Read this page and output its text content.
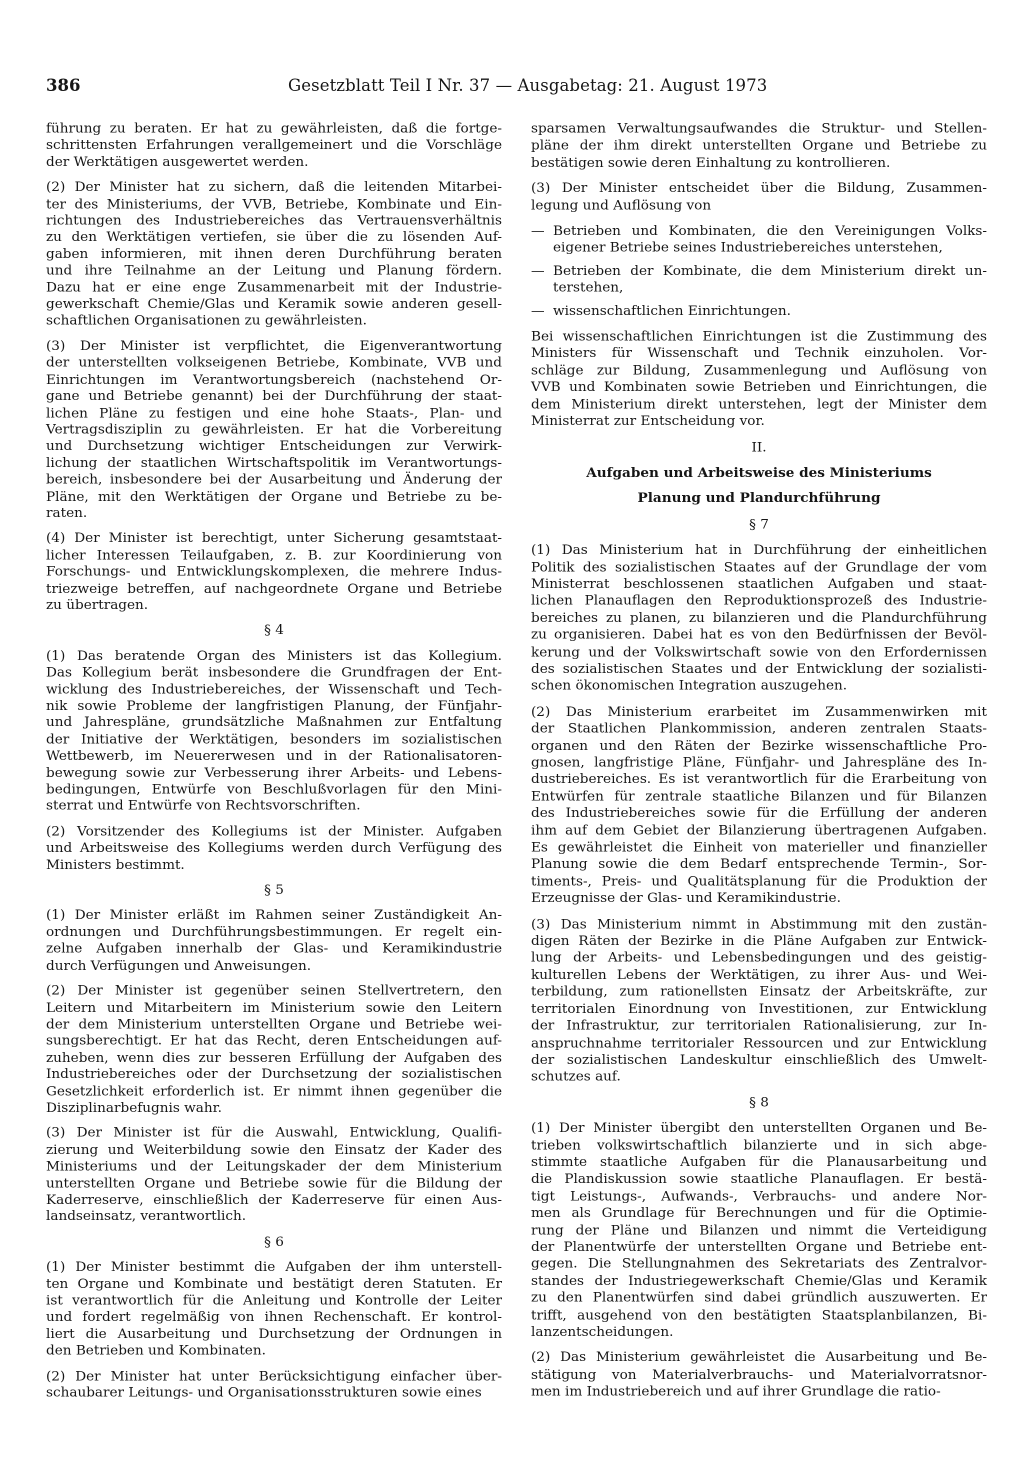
386	Gesetzblatt Teil I Nr. 37 — Ausgabetag: 21. August 1973

führung zu beraten. Er hat zu gewährleisten, daß die fortge-
schrittensten Erfahrungen verallgemeinert und die Vorschläge
der Werktätigen ausgewertet werden.

(2) Der Minister hat zu sichern, daß die leitenden Mitarbei-
ter des Ministeriums, der VVB, Betriebe, Kombinate und Ein-
richtungen des Industriebereiches das Vertrauensverhältnis
zu den Werktätigen vertiefen, sie über die zu lösenden Auf-
gaben informieren, mit ihnen deren Durchführung beraten
und ihre Teilnahme an der Leitung und Planung fördern.
Dazu hat er eine enge Zusammenarbeit mit der Industrie-
gewerkschaft Chemie/Glas und Keramik sowie anderen gesell-
schaftlichen Organisationen zu gewährleisten.

(3) Der Minister ist verpflichtet, die Eigenverantwortung
der unterstellten volkseigenen Betriebe, Kombinate, VVB und
Einrichtungen im Verantwortungsbereich (nachstehend Or-
gane und Betriebe genannt) bei der Durchführung der staat-
lichen Pläne zu festigen und eine hohe Staats-, Plan- und
Vertragsdisziplin zu gewährleisten. Er hat die Vorbereitung
und Durchsetzung wichtiger Entscheidungen zur Verwirk-
lichung der staatlichen Wirtschaftspolitik im Verantwortungs-
bereich, insbesondere bei der Ausarbeitung und Änderung der
Pläne, mit den Werktätigen der Organe und Betriebe zu be-
raten.

(4) Der Minister ist berechtigt, unter Sicherung gesamtstaat-
licher Interessen Teilaufgaben, z. B. zur Koordinierung von
Forschungs- und Entwicklungskomplexen, die mehrere Indus-
triezweige betreffen, auf nachgeordnete Organe und Betriebe
zu übertragen.

§ 4

(1) Das beratende Organ des Ministers ist das Kollegium.
Das Kollegium berät insbesondere die Grundfragen der Ent-
wicklung des Industriebereiches, der Wissenschaft und Tech-
nik sowie Probleme der langfristigen Planung, der Fünfjahr-
und Jahrespläne, grundsätzliche Maßnahmen zur Entfaltung
der Initiative der Werktätigen, besonders im sozialistischen
Wettbewerb, im Neuererwesen und in der Rationalisatoren-
bewegung sowie zur Verbesserung ihrer Arbeits- und Lebens-
bedingungen, Entwürfe von Beschlußvorlagen für den Mini-
sterrat und Entwürfe von Rechtsvorschriften.

(2) Vorsitzender des Kollegiums ist der Minister. Aufgaben
und Arbeitsweise des Kollegiums werden durch Verfügung des
Ministers bestimmt.

§ 5

(1) Der Minister erläßt im Rahmen seiner Zuständigkeit An-
ordnungen und Durchführungsbestimmungen. Er regelt ein-
zelne Aufgaben innerhalb der Glas- und Keramikindustrie
durch Verfügungen und Anweisungen.

(2) Der Minister ist gegenüber seinen Stellvertretern, den
Leitern und Mitarbeitern im Ministerium sowie den Leitern
der dem Ministerium unterstellten Organe und Betriebe wei-
sungsberechtigt. Er hat das Recht, deren Entscheidungen auf-
zuheben, wenn dies zur besseren Erfüllung der Aufgaben des
Industriebereiches oder der Durchsetzung der sozialistischen
Gesetzlichkeit erforderlich ist. Er nimmt ihnen gegenüber die
Disziplinarbefugnis wahr.

(3) Der Minister ist für die Auswahl, Entwicklung, Qualifi-
zierung und Weiterbildung sowie den Einsatz der Kader des
Ministeriums und der Leitungskader der dem Ministerium
unterstellten Organe und Betriebe sowie für die Bildung der
Kaderreserve, einschließlich der Kaderreserve für einen Aus-
landseinsatz, verantwortlich.

§ 6

(1) Der Minister bestimmt die Aufgaben der ihm unterstell-
ten Organe und Kombinate und bestätigt deren Statuten. Er
ist verantwortlich für die Anleitung und Kontrolle der Leiter
und fordert regelmäßig von ihnen Rechenschaft. Er kontrol-
liert die Ausarbeitung und Durchsetzung der Ordnungen in
den Betrieben und Kombinaten.

(2) Der Minister hat unter Berücksichtigung einfacher über-
schaubarer Leitungs- und Organisationsstrukturen sowie eines

sparsamen Verwaltungsaufwandes die Struktur- und Stellen-
pläne der ihm direkt unterstellten Organe und Betriebe zu
bestätigen sowie deren Einhaltung zu kontrollieren.

(3) Der Minister entscheidet über die Bildung, Zusammen-
legung und Auflösung von

— Betrieben und Kombinaten, die den Vereinigungen Volks-
eigener Betriebe seines Industriebereiches unterstehen,
— Betrieben der Kombinate, die dem Ministerium direkt un-
terstehen,
— wissenschaftlichen Einrichtungen.

Bei wissenschaftlichen Einrichtungen ist die Zustimmung des
Ministers für Wissenschaft und Technik einzuholen. Vor-
schläge zur Bildung, Zusammenlegung und Auflösung von
VVB und Kombinaten sowie Betrieben und Einrichtungen, die
dem Ministerium direkt unterstehen, legt der Minister dem
Ministerrat zur Entscheidung vor.

II.
Aufgaben und Arbeitsweise des Ministeriums
Planung und Plandurchführung
§ 7

(1) Das Ministerium hat in Durchführung der einheitlichen
Politik des sozialistischen Staates auf der Grundlage der vom
Ministerrat beschlossenen staatlichen Aufgaben und staat-
lichen Planauflagen den Reproduktionsprozeß des Industrie-
bereiches zu planen, zu bilanzieren und die Plandurchführung
zu organisieren. Dabei hat es von den Bedürfnissen der Bevöl-
kerung und der Volkswirtschaft sowie von den Erfordernissen
des sozialistischen Staates und der Entwicklung der sozialisti-
schen ökonomischen Integration auszugehen.

(2) Das Ministerium erarbeitet im Zusammenwirken mit
der Staatlichen Plankommission, anderen zentralen Staats-
organen und den Räten der Bezirke wissenschaftliche Pro-
gnosen, langfristige Pläne, Fünfjahr- und Jahrespläne des In-
dustriebereiches. Es ist verantwortlich für die Erarbeitung von
Entwürfen für zentrale staatliche Bilanzen und für Bilanzen
des Industriebereiches sowie für die Erfüllung der anderen
ihm auf dem Gebiet der Bilanzierung übertragenen Aufgaben.
Es gewährleistet die Einheit von materieller und finanzieller
Planung sowie die dem Bedarf entsprechende Termin-, Sor-
timents-, Preis- und Qualitätsplanung für die Produktion der
Erzeugnisse der Glas- und Keramikindustrie.

(3) Das Ministerium nimmt in Abstimmung mit den zustän-
digen Räten der Bezirke in die Pläne Aufgaben zur Entwick-
lung der Arbeits- und Lebensbedingungen und des geistig-
kulturellen Lebens der Werktätigen, zu ihrer Aus- und Wei-
terbildung, zum rationellsten Einsatz der Arbeitskräfte, zur
territorialen Einordnung von Investitionen, zur Entwicklung
der Infrastruktur, zur territorialen Rationalisierung, zur In-
anspruchnahme territorialer Ressourcen und zur Entwicklung
der sozialistischen Landeskultur einschließlich des Umwelt-
schutzes auf.

§ 8

(1) Der Minister übergibt den unterstellten Organen und Be-
trieben volkswirtschaftlich bilanzierte und in sich abge-
stimmte staatliche Aufgaben für die Planausarbeitung und
die Plandiskussion sowie staatliche Planauflagen. Er bestä-
tigt Leistungs-, Aufwands-, Verbrauchs- und andere Nor-
men als Grundlage für Berechnungen und für die Optimie-
rung der Pläne und Bilanzen und nimmt die Verteidigung
der Planentwürfe der unterstellten Organe und Betriebe ent-
gegen. Die Stellungnahmen des Sekretariats des Zentralvor-
standes der Industriegewerkschaft Chemie/Glas und Keramik
zu den Planentwürfen sind dabei gründlich auszuwerten. Er
trifft, ausgehend von den bestätigten Staatsplanbilanzen, Bi-
lanzentscheidungen.

(2) Das Ministerium gewährleistet die Ausarbeitung und Be-
stätigung von Materialverbrauchs- und Materialvorratsnor-
men im Industriebereich und auf ihrer Grundlage die ratio-
